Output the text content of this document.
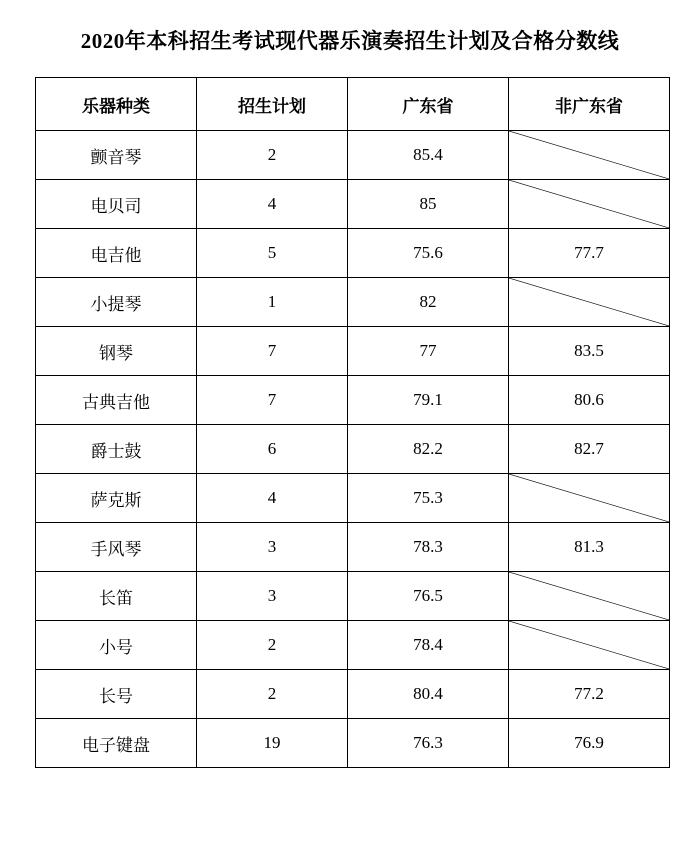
2020年本科招生考试现代器乐演奏招生计划及合格分数线
乐器种类	招生计划	广东省	非广东省
颤音琴	2	85.4	

电贝司	4	85	

电吉他	5	75.6	77.7
小提琴	1	82	

钢琴	7	77	83.5
古典吉他	7	79.1	80.6
爵士鼓	6	82.2	82.7
萨克斯	4	75.3	

手风琴	3	78.3	81.3
长笛	3	76.5	

小号	2	78.4	

长号	2	80.4	77.2
电子键盘	19	76.3	76.9
